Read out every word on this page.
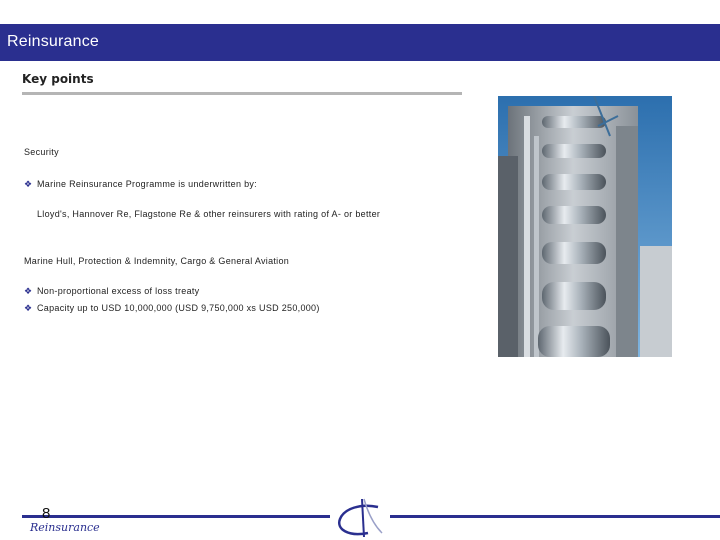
Reinsurance
Key points
Security
❖ Marine Reinsurance Programme is underwritten by:
Lloyd's, Hannover Re, Flagstone Re & other reinsurers with rating of A- or better
Marine Hull, Protection & Indemnity, Cargo & General Aviation
❖ Non-proportional excess of loss treaty
❖ Capacity up to USD 10,000,000 (USD 9,750,000 xs USD 250,000)
8
Reinsurance
